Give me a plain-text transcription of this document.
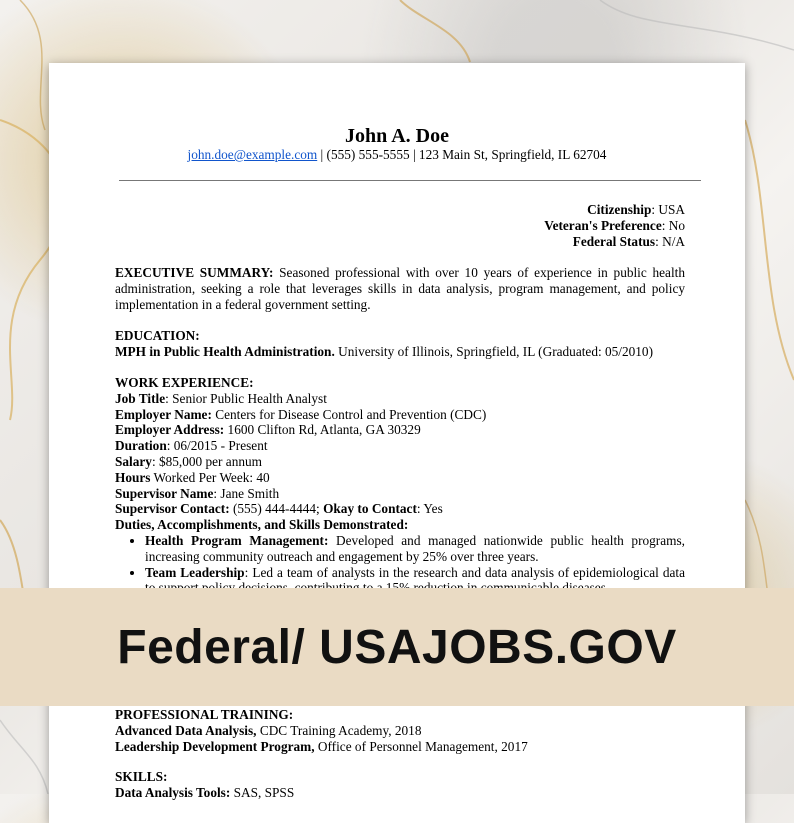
John A. Doe
john.doe@example.com | (555) 555-5555 | 123 Main St, Springfield, IL 62704
Citizenship: USA
Veteran's Preference: No
Federal Status: N/A
EXECUTIVE SUMMARY: Seasoned professional with over 10 years of experience in public health administration, seeking a role that leverages skills in data analysis, program management, and policy implementation in a federal government setting.
EDUCATION:
MPH in Public Health Administration. University of Illinois, Springfield, IL (Graduated: 05/2010)
WORK EXPERIENCE:
Job Title: Senior Public Health Analyst
Employer Name: Centers for Disease Control and Prevention (CDC)
Employer Address: 1600 Clifton Rd, Atlanta, GA 30329
Duration: 06/2015 - Present
Salary: $85,000 per annum
Hours Worked Per Week: 40
Supervisor Name: Jane Smith
Supervisor Contact: (555) 444-4444; Okay to Contact: Yes
Duties, Accomplishments, and Skills Demonstrated:
• Health Program Management: Developed and managed nationwide public health programs, increasing community outreach and engagement by 25% over three years.
• Team Leadership: Led a team of analysts in the research and data analysis of epidemiological data
PROFESSIONAL TRAINING:
Advanced Data Analysis, CDC Training Academy, 2018
Leadership Development Program, Office of Personnel Management, 2017
SKILLS:
Data Analysis Tools: SAS, SPSS
Federal/ USAJOBS.GOV
